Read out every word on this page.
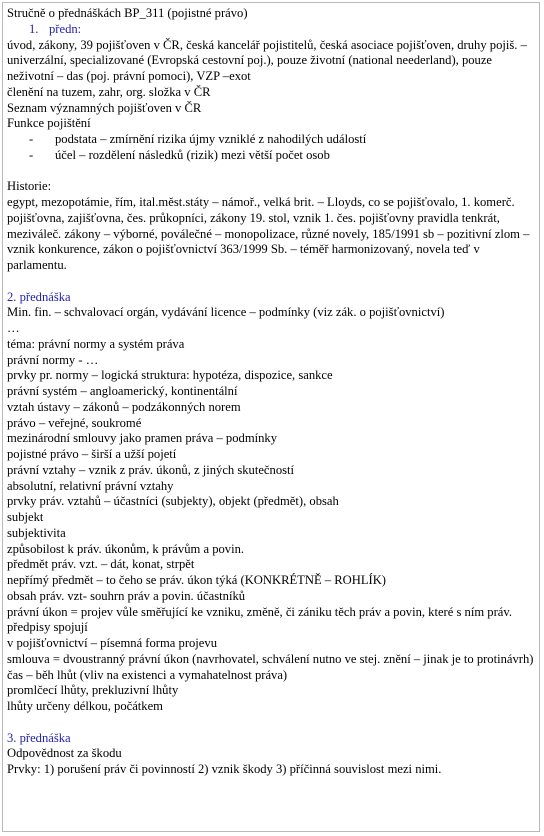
Stručně o přednáškách BP_311 (pojistné právo)
1. předn:
úvod, zákony, 39 pojišťoven v ČR, česká kancelář pojistitelů, česká asociace pojišťoven, druhy pojiš. – univerzální, specializované (Evropská cestovní poj.), pouze životní (national neederland), pouze neživotní – das (poj. právní pomoci), VZP –exot
členění na tuzem, zahr, org. složka v ČR
Seznam významných pojišťoven v ČR
Funkce pojištění
- podstata – zmírnění rizika újmy vzniklé z nahodilých událostí
- účel – rozdělení následků (rizik) mezi větší počet osob
Historie:
egypt, mezopotámie, řím, ital.měst.státy – námoř., velká brit. – Lloyds, co se pojišťovalo, 1. komerč. pojišťovna, zajišťovna, čes. průkopníci, zákony 19. stol, vznik 1. čes. pojišťovny pravidla tenkrát, meziváleč. zákony – výborné, poválečné – monopolizace, různé novely, 185/1991 sb – pozitivní zlom – vznik konkurence, zákon o pojišťovnictví 363/1999 Sb. – téměř harmonizovaný, novela teď v parlamentu.
2. přednáška
Min. fin. – schvalovací orgán, vydávání licence – podmínky (viz zák. o pojišťovnictví)
…
téma: právní normy a systém práva
právní normy - …
prvky pr. normy – logická struktura: hypotéza, dispozice, sankce
právní systém – angloamerický, kontinentální
vztah ústavy – zákonů – podzákonných norem
právo – veřejné, soukromé
mezinárodní smlouvy jako pramen práva – podmínky
pojistné právo – širší a užší pojetí
právní vztahy – vznik z práv. úkonů, z jiných skutečností
absolutní, relativní právní vztahy
prvky práv. vztahů – účastníci (subjekty), objekt (předmět), obsah
subjekt
subjektivita
způsobilost k práv. úkonům, k právům a povin.
předmět práv. vzt. – dát, konat, strpět
nepřímý předmět – to čeho se práv. úkon týká (KONKRÉTNĚ – ROHLÍK)
obsah práv. vzt- souhrn práv a povin. účastníků
právní úkon = projev vůle směřující ke vzniku, změně, či zániku těch práv a povin, které s ním práv. předpisy spojují
v pojišťovnictví – písemná forma projevu
smlouva = dvoustranný právní úkon (navrhovatel, schválení nutno ve stej. znění – jinak je to protinávrh)
čas – běh lhůt (vliv na existenci a vymahatelnost práva)
promlčecí lhůty, prekluzivní lhůty
lhůty určeny délkou, počátkem
3. přednáška
Odpovědnost za škodu
Prvky: 1) porušení práv či povinností 2) vznik škody 3) příčinná souvislost mezi nimi.
